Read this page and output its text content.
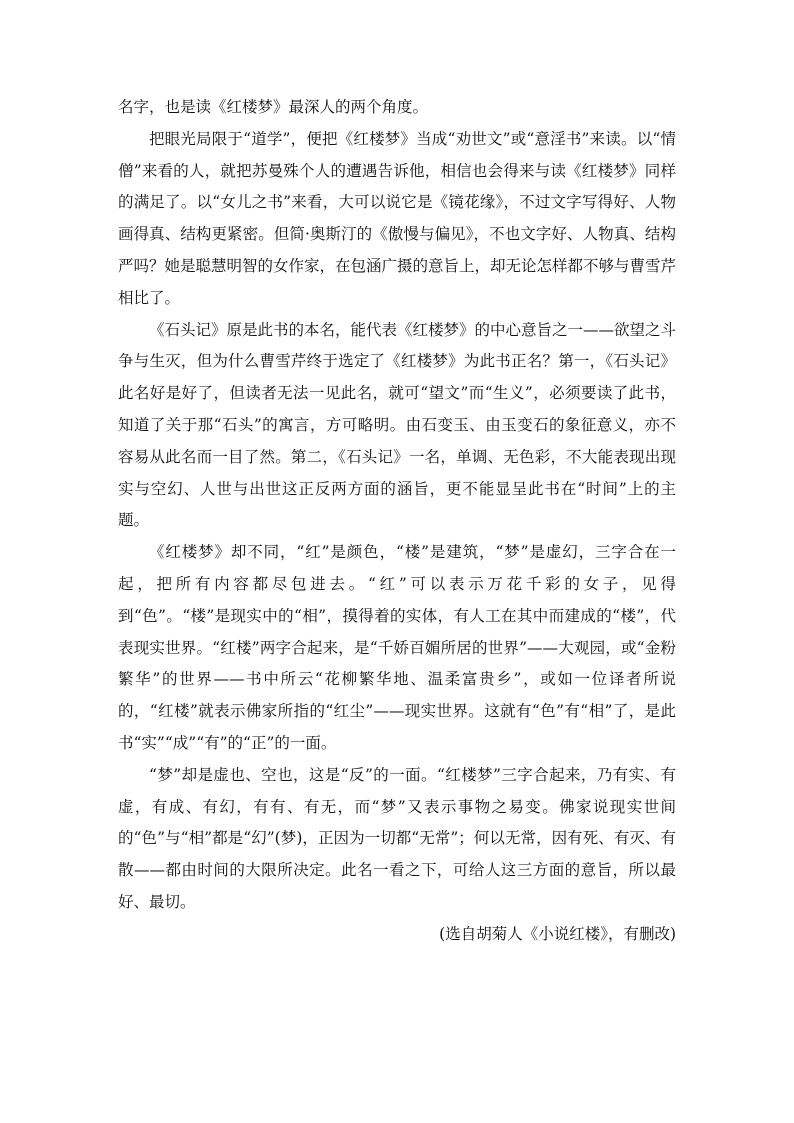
名字，也是读《红楼梦》最深人的两个角度。

把眼光局限于“道学”，便把《红楼梦》当成“劝世文”或“意淫书”来读。以“情僧”来看的人，就把苏曼殊个人的遭遇告诉他，相信也会得来与读《红楼梦》同样的满足了。以“女儿之书”来看，大可以说它是《镜花缘》，不过文字写得好、人物画得真、结构更紧密。但简·奥斯汀的《傲慢与偏见》，不也文字好、人物真、结构严吗？她是聪慧明智的女作家，在包涵广摄的意旨上，却无论怎样都不够与曹雪芹相比了。

《石头记》原是此书的本名，能代表《红楼梦》的中心意旨之一——欲望之斗争与生灭，但为什么曹雪芹终于选定了《红楼梦》为此书正名？第一，《石头记》此名好是好了，但读者无法一见此名，就可“望文”而“生义”，必须要读了此书，知道了关于那“石头”的寓言，方可略明。由石变玉、由玉变石的象征意义，亦不容易从此名而一目了然。第二，《石头记》一名，单调、无色彩，不大能表现出现实与空幻、人世与出世这正反两方面的涵旨，更不能显呈此书在“时间”上的主题。

《红楼梦》却不同，“红”是颜色，“楼”是建筑，“梦”是虚幻，三字合在一起，把所有内容都尽包进去。“红”可以表示万花千彩的女子，见得到“色”。“楼”是现实中的“相”，摸得着的实体，有人工在其中而建成的“楼”，代表现实世界。“红楼”两字合起来，是“千娇百媚所居的世界”——大观园，或“金粉繁华”的世界——书中所云“花柳繁华地、温柔富贵乡”，或如一位译者所说的，“红楼”就表示佛家所指的“红尘”——现实世界。这就有“色”有“相”了，是此书“实”“成”“有”的“正”的一面。

“梦”却是虚也、空也，这是“反”的一面。“红楼梦”三字合起来，乃有实、有虚，有成、有幻，有有、有无，而“梦”又表示事物之易变。佛家说现实世间的“色”与“相”都是“幻”(梦)，正因为一切都“无常”；何以无常，因有死、有灭、有散——都由时间的大限所决定。此名一看之下，可给人这三方面的意旨，所以最好、最切。

(选自胡菊人《小说红楼》，有删改)
